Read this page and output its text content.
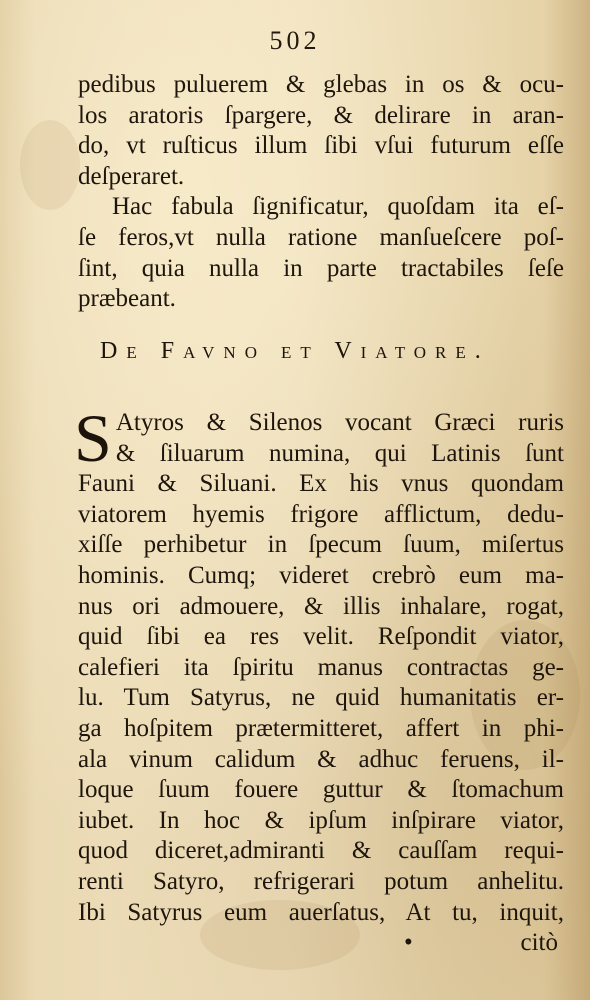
502
pedibus puluerem & glebas in os & ocu-
los aratoris ſpargere, & delirare in aran-
do, vt ruſticus illum ſibi vſui futurum eſſe
deſperaret.
Hac fabula ſignificatur, quoſdam ita eſ-
ſe feros,vt nulla ratione manſueſcere poſ-
ſint, quia nulla in parte tractabiles ſeſe
præbeant.
De Favno et Viatore.
S Atyros & Silenos vocant Græci ruris
& ſiluarum numina, qui Latinis ſunt
Fauni & Siluani. Ex his vnus quondam
viatorem hyemis frigore afflictum, dedu-
xiſſe perhibetur in ſpecum ſuum, miſertus
hominis. Cumq; videret crebrò eum ma-
nus ori admouere, & illis inhalare, rogat,
quid ſibi ea res velit. Reſpondit viator,
calefieri ita ſpiritu manus contractas ge-
lu. Tum Satyrus, ne quid humanitatis er-
ga hoſpitem prætermitteret, affert in phi-
ala vinum calidum & adhuc feruens, il-
loque ſuum fouere guttur & ſtomachum
iubet. In hoc & ipſum inſpirare viator,
quod diceret,admiranti & cauſſam requi-
renti Satyro, refrigerari potum anhelitu.
Ibi Satyrus eum auerſatus, At tu, inquit,
•	citò
